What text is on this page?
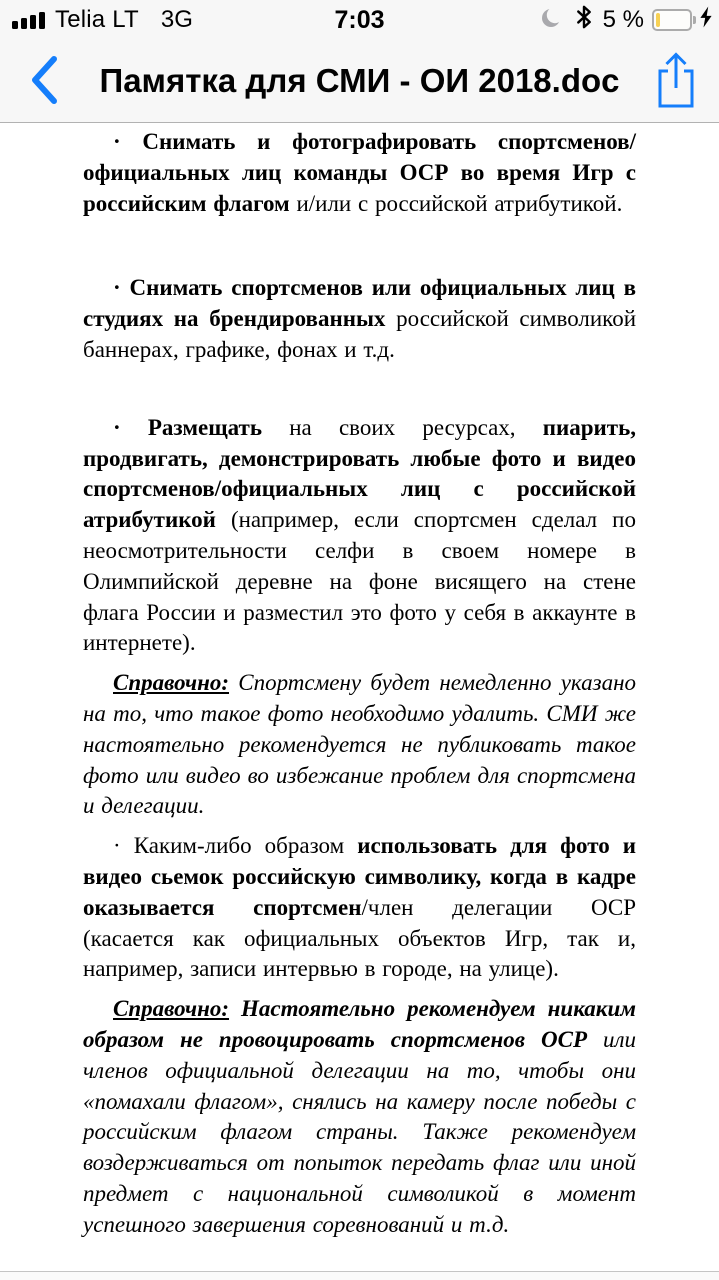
Telia LT 3G	7:03	5 %
Памятка для СМИ - ОИ 2018.doc

· Снимать и фотографировать спортсменов/официальных лиц команды ОСР во время Игр с российским флагом и/или с российской атрибутикой.

· Снимать спортсменов или официальных лиц в студиях на брендированных российской символикой баннерах, графике, фонах и т.д.

· Размещать на своих ресурсах, пиарить, продвигать, демонстрировать любые фото и видео спортсменов/официальных лиц с российской атрибутикой (например, если спортсмен сделал по неосмотрительности селфи в своем номере в Олимпийской деревне на фоне висящего на стене флага России и разместил это фото у себя в аккаунте в интернете).

Справочно: Спортсмену будет немедленно указано на то, что такое фото необходимо удалить. СМИ же настоятельно рекомендуется не публиковать такое фото или видео во избежание проблем для спортсмена и делегации.

· Каким-либо образом использовать для фото и видео сьемок российскую символику, когда в кадре оказывается спортсмен/член делегации ОСР (касается как официальных объектов Игр, так и, например, записи интервью в городе, на улице).

Справочно: Настоятельно рекомендуем никаким образом не провоцировать спортсменов ОСР или членов официальной делегации на то, чтобы они «помахали флагом», снялись на камеру после победы с российским флагом страны. Также рекомендуем воздерживаться от попыток передать флаг или иной предмет с национальной символикой в момент успешного завершения соревнований и т.д.
